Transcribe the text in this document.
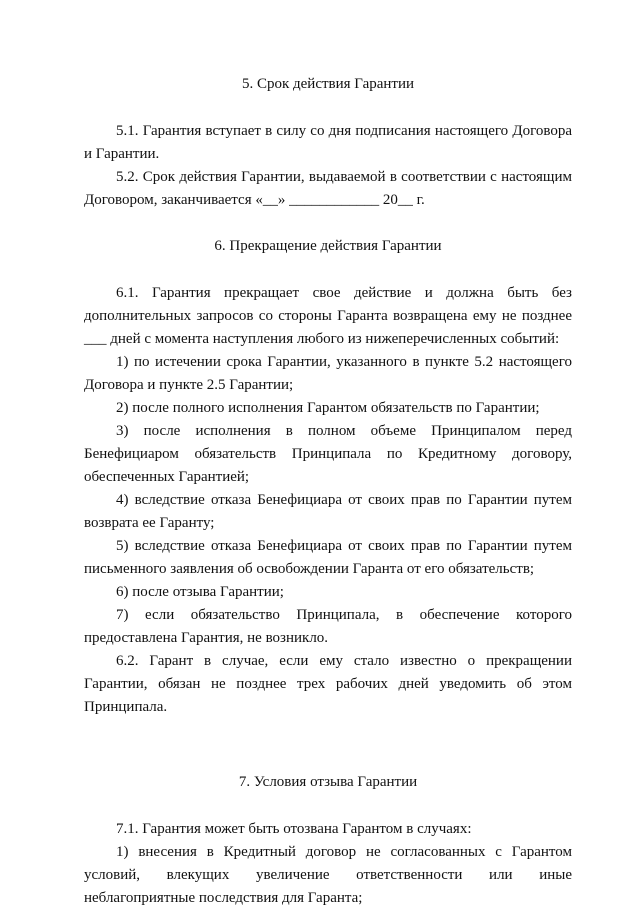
5. Срок действия Гарантии

5.1. Гарантия вступает в силу со дня подписания настоящего Договора и Гарантии.

5.2. Срок действия Гарантии, выдаваемой в соответствии с настоящим Договором, заканчивается «__» ____________ 20__ г.

6. Прекращение действия Гарантии

6.1. Гарантия прекращает свое действие и должна быть без дополнительных запросов со стороны Гаранта возвращена ему не позднее ___ дней с момента наступления любого из нижеперечисленных событий:

1) по истечении срока Гарантии, указанного в пункте 5.2 настоящего Договора и пункте 2.5 Гарантии;

2) после полного исполнения Гарантом обязательств по Гарантии;

3) после исполнения в полном объеме Принципалом перед Бенефициаром обязательств Принципала по Кредитному договору, обеспеченных Гарантией;

4) вследствие отказа Бенефициара от своих прав по Гарантии путем возврата ее Гаранту;

5) вследствие отказа Бенефициара от своих прав по Гарантии путем письменного заявления об освобождении Гаранта от его обязательств;

6) после отзыва Гарантии;

7) если обязательство Принципала, в обеспечение которого предоставлена Гарантия, не возникло.

6.2. Гарант в случае, если ему стало известно о прекращении Гарантии, обязан не позднее трех рабочих дней уведомить об этом Принципала.

7. Условия отзыва Гарантии

7.1. Гарантия может быть отозвана Гарантом в случаях:

1) внесения в Кредитный договор не согласованных с Гарантом условий, влекущих увеличение ответственности или иные неблагоприятные последствия для Гаранта;
